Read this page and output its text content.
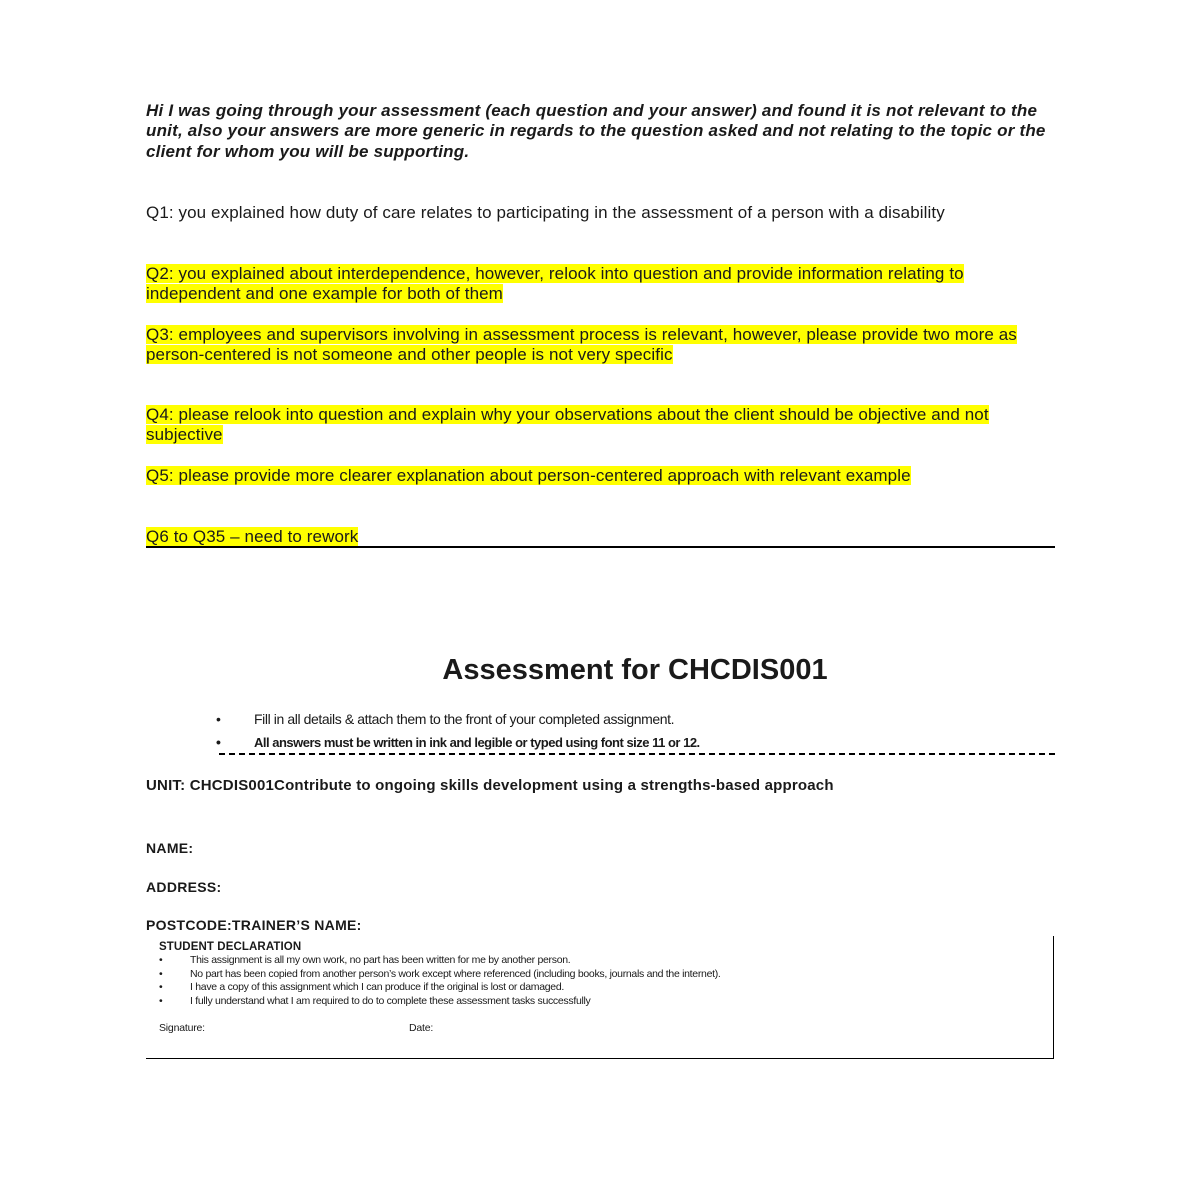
Hi I was going through your assessment (each question and your answer) and found it is not relevant to the unit, also your answers are more generic in regards to the question asked and not relating to the topic or the client for whom you will be supporting.
Q1: you explained how duty of care relates to participating in the assessment of a person with a disability
Q2: you explained about interdependence, however, relook into question and provide information relating to independent and one example for both of them
Q3: employees and supervisors involving in assessment process is relevant, however, please provide two more as person-centered is not someone and other people is not very specific
Q4: please relook into question and explain why your observations about the client should be objective and not subjective
Q5: please provide more clearer explanation about person-centered approach with relevant example
Q6 to Q35 – need to rework
Assessment for CHCDIS001
• Fill in all details & attach them to the front of your completed assignment.
•	All answers must be written in ink and legible or typed using font size 11 or 12.
UNIT: CHCDIS001Contribute to ongoing skills development using a strengths-based approach
NAME:
ADDRESS:
POSTCODE:TRAINER’S NAME:
STUDENT DECLARATION
•	This assignment is all my own work, no part has been written for me by another person.
•	No part has been copied from another person’s work except where referenced (including books, journals and the internet).
•	I have a copy of this assignment which I can produce if the original is lost or damaged.
•	I fully understand what I am required to do to complete these assessment tasks successfully
Signature:	Date:
